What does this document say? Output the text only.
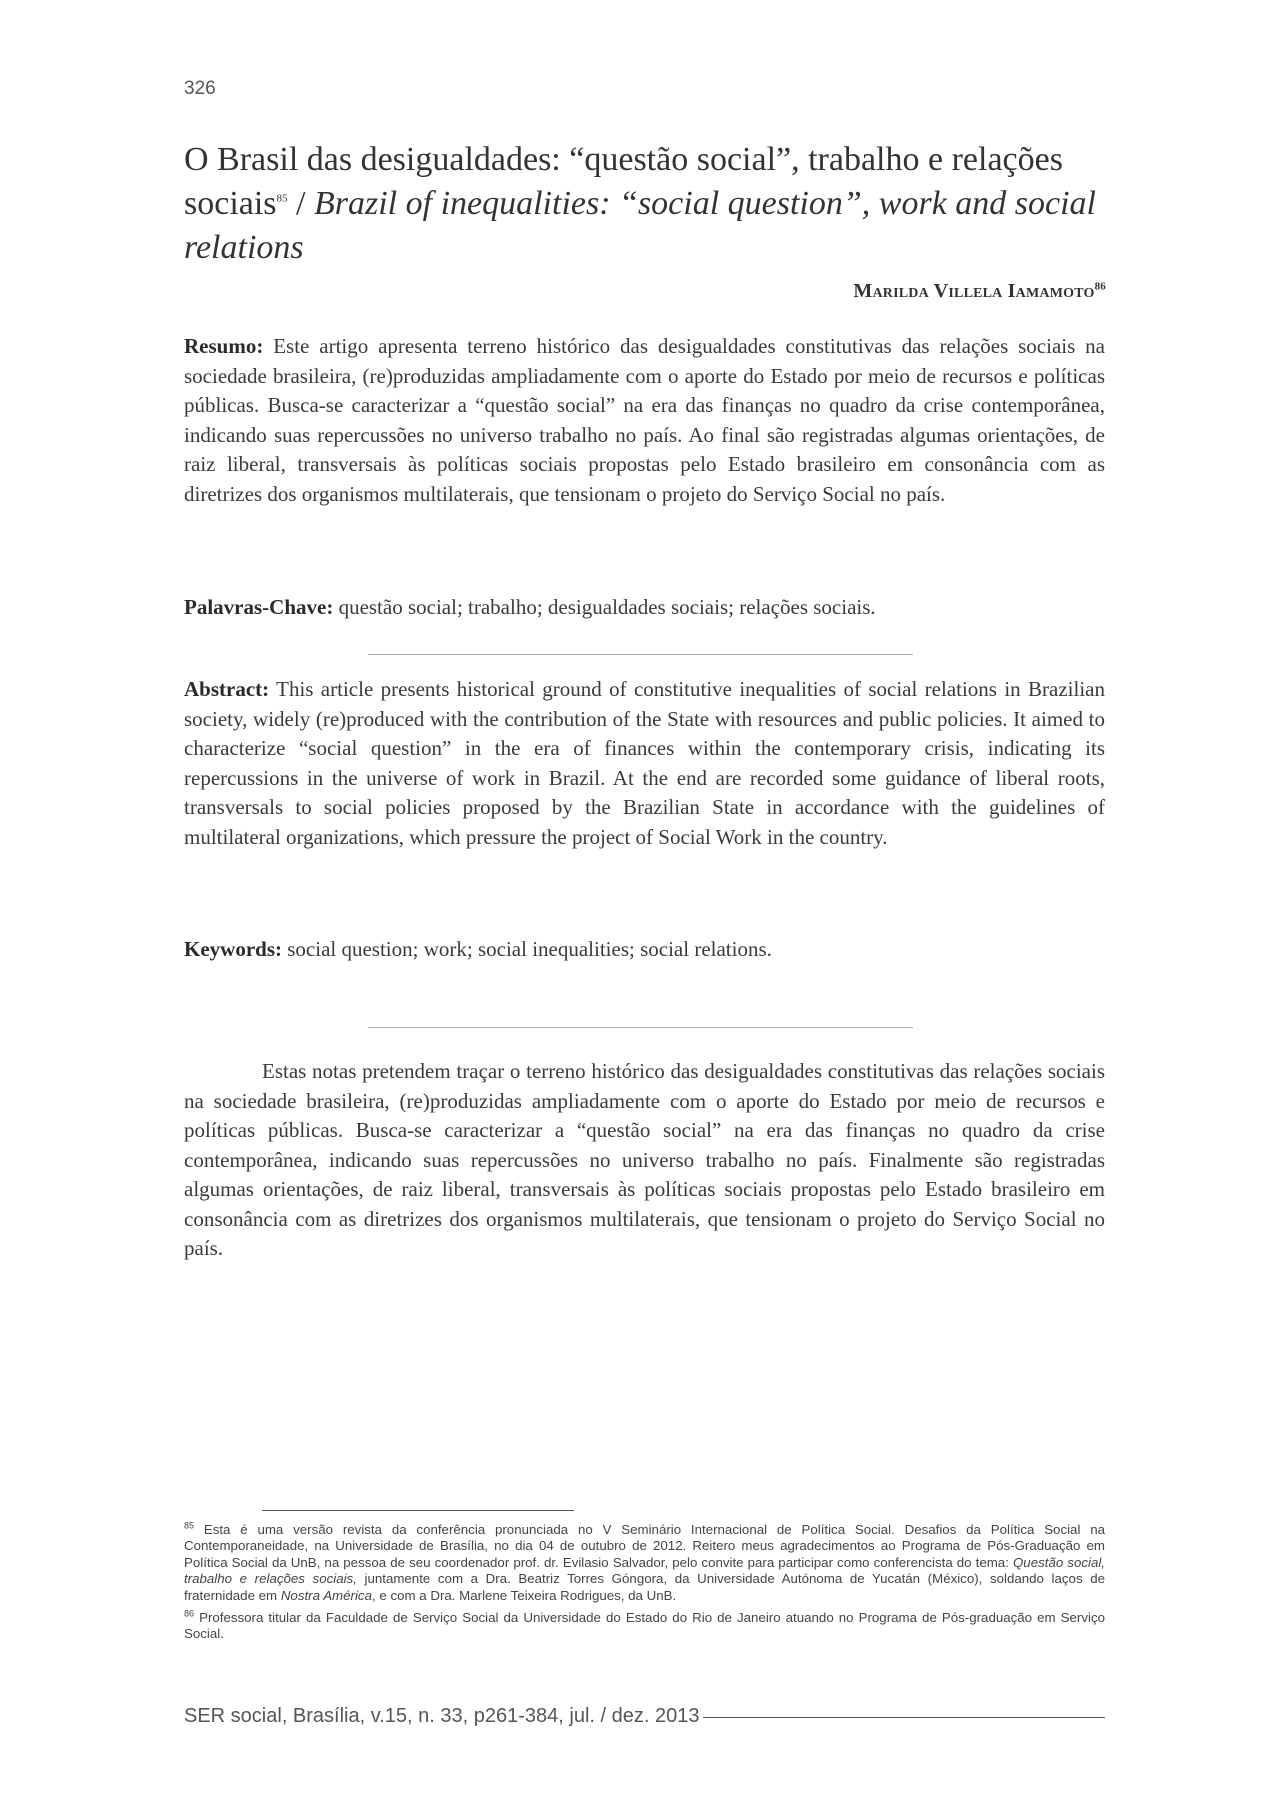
326
O Brasil das desigualdades: “questão social”, trabalho e relações sociais$^{85}$ / Brazil of inequalities: “social question”, work and social relations
Marilda Villela Iamamoto$^{86}$
Resumo: Este artigo apresenta terreno histórico das desigualdades constitutivas das relações sociais na sociedade brasileira, (re)produzidas ampliadamente com o aporte do Estado por meio de recursos e políticas públicas. Busca-se caracterizar a “questão social” na era das finanças no quadro da crise contemporânea, indicando suas repercussões no universo trabalho no país. Ao final são registradas algumas orientações, de raiz liberal, transversais às políticas sociais propostas pelo Estado brasileiro em consonância com as diretrizes dos organismos multilaterais, que tensionam o projeto do Serviço Social no país.
Palavras-Chave: questão social; trabalho; desigualdades sociais; relações sociais.
Abstract: This article presents historical ground of constitutive inequalities of social relations in Brazilian society, widely (re)produced with the contribution of the State with resources and public policies. It aimed to characterize “social question” in the era of finances within the contemporary crisis, indicating its repercussions in the universe of work in Brazil. At the end are recorded some guidance of liberal roots, transversals to social policies proposed by the Brazilian State in accordance with the guidelines of multilateral organizations, which pressure the project of Social Work in the country.
Keywords: social question; work; social inequalities; social relations.

Estas notas pretendem traçar o terreno histórico das desigualdades constitutivas das relações sociais na sociedade brasileira, (re)produzidas ampliadamente com o aporte do Estado por meio de recursos e políticas públicas. Busca-se caracterizar a “questão social” na era das finanças no quadro da crise contemporânea, indicando suas repercussões no universo trabalho no país. Finalmente são registradas algumas orientações, de raiz liberal, transversais às políticas sociais propostas pelo Estado brasileiro em consonância com as diretrizes dos organismos multilaterais, que tensionam o projeto do Serviço Social no país.

$^{85}$ Esta é uma versão revista da conferência pronunciada no V Seminário Internacional de Política Social. Desafios da Política Social na Contemporaneidade, na Universidade de Brasília, no dia 04 de outubro de 2012. Reitero meus agradecimentos ao Programa de Pós-Graduação em Política Social da UnB, na pessoa de seu coordenador prof. dr. Evilasio Salvador, pelo convite para participar como conferencista do tema: Questão social, trabalho e relações sociais, juntamente com a Dra. Beatriz Torres Góngora, da Universidade Autónoma de Yucatán (México), soldando laços de fraternidade em Nostra América, e com a Dra. Marlene Teixeira Rodrigues, da UnB.

$^{86}$ Professora titular da Faculdade de Serviço Social da Universidade do Estado do Rio de Janeiro atuando no Programa de Pós-graduação em Serviço Social.

SER social, Brasília, v.15, n. 33, p261-384, jul. / dez. 2013
